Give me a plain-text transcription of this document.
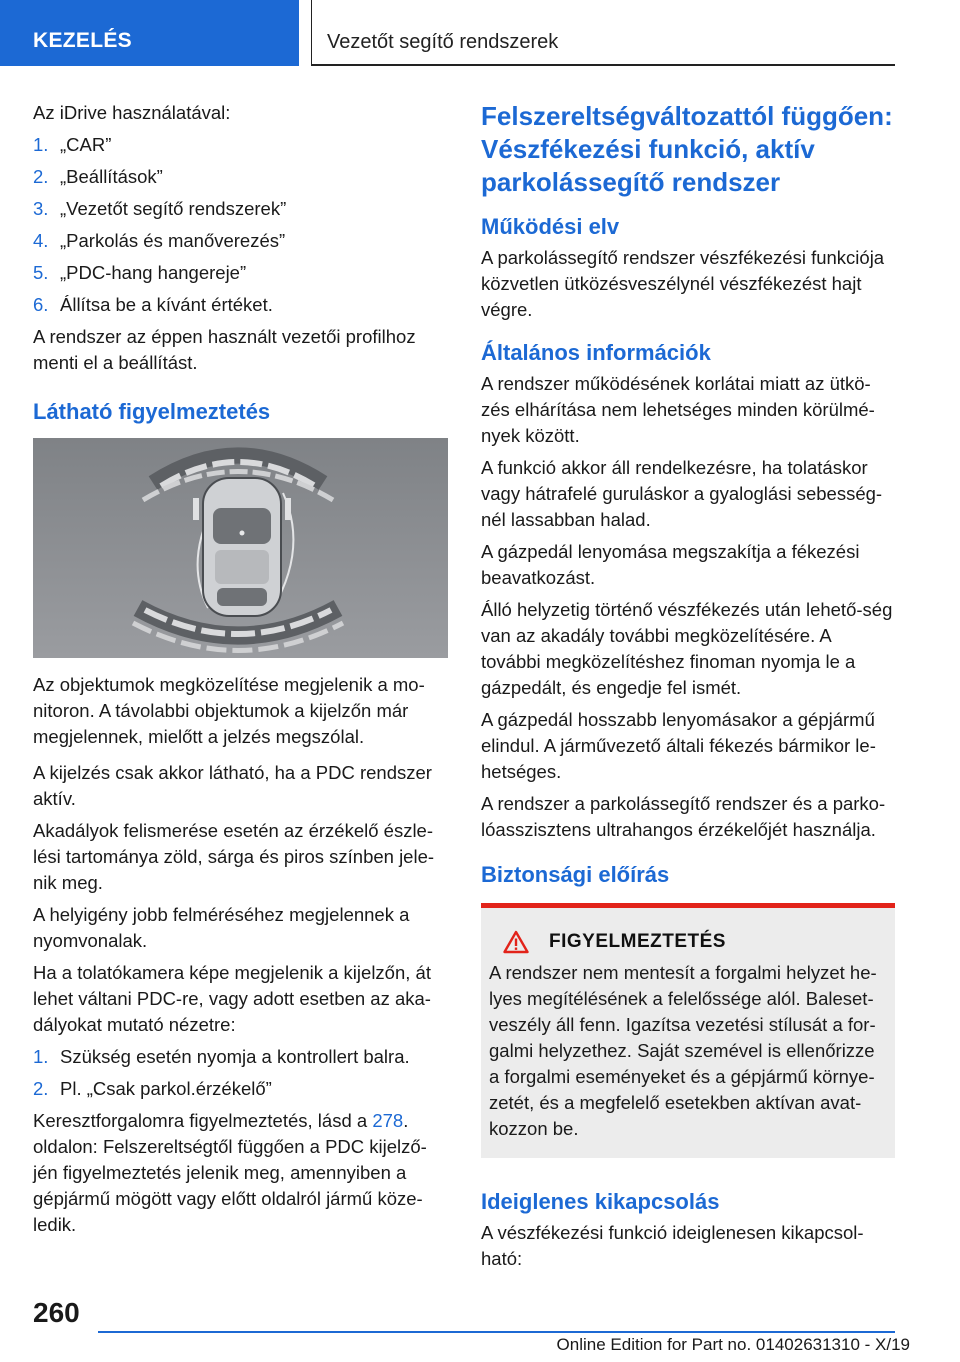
KEZELÉS	Vezetőt segítő rendszerek

Az iDrive használatával:

1. „CAR”
2. „Beállítások”
3. „Vezetőt segítő rendszerek”
4. „Parkolás és manőverezés”
5. „PDC-hang hangereje”
6. Állítsa be a kívánt értéket.

A rendszer az éppen használt vezetői profilhoz menti el a beállítást.

Látható figyelmeztetés

Az objektumok megközelítése megjelenik a mo-nitoron. A távolabbi objektumok a kijelzőn már megjelennek, mielőtt a jelzés megszólal.

A kijelzés csak akkor látható, ha a PDC rendszer aktív.

Akadályok felismerése esetén az érzékelő észle-lési tartománya zöld, sárga és piros színben jele-nik meg.

A helyigény jobb felméréséhez megjelennek a nyomvonalak.

Ha a tolatókamera képe megjelenik a kijelzőn, át lehet váltani PDC-re, vagy adott esetben az aka-dályokat mutató nézetre:

1. Szükség esetén nyomja a kontrollert balra.
2. Pl. „Csak parkol.érzékelő”

Keresztforgalomra figyelmeztetés, lásd a 278. oldalon: Felszereltségtől függően a PDC kijelző-jén figyelmeztetés jelenik meg, amennyiben a gépjármű mögött vagy előtt oldalról jármű köze-ledik.

Felszereltségváltozattól függően: Vészfékezési funkció, aktív parkolássegítő rendszer
Működési elv

A parkolássegítő rendszer vészfékezési funkciója közvetlen ütközésveszélynél vészfékezést hajt végre.

Általános információk

A rendszer működésének korlátai miatt az ütkö-zés elhárítása nem lehetséges minden körülmé-nyek között.

A funkció akkor áll rendelkezésre, ha tolatáskor vagy hátrafelé guruláskor a gyaloglási sebesség-nél lassabban halad.

A gázpedál lenyomása megszakítja a fékezési beavatkozást.

Álló helyzetig történő vészfékezés után lehető-ség van az akadály további megközelítésére. A további megközelítéshez finoman nyomja le a gázpedált, és engedje fel ismét.

A gázpedál hosszabb lenyomásakor a gépjármű elindul. A járművezető általi fékezés bármikor le-hetséges.

A rendszer a parkolássegítő rendszer és a parko-lóasszisztens ultrahangos érzékelőjét használja.

Biztonsági előírás
FIGYELMEZTETÉS

A rendszer nem mentesít a forgalmi helyzet he-lyes megítélésének a felelőssége alól. Baleset-veszély áll fenn. Igazítsa vezetési stílusát a for-galmi helyzethez. Saját szemével is ellenőrizze a forgalmi eseményeket és a gépjármű környe-zetét, és a megfelelő esetekben aktívan avat-kozzon be.

Ideiglenes kikapcsolás

A vészfékezési funkció ideiglenesen kikapcsol-ható:

260
Online Edition for Part no. 01402631310 - X/19
